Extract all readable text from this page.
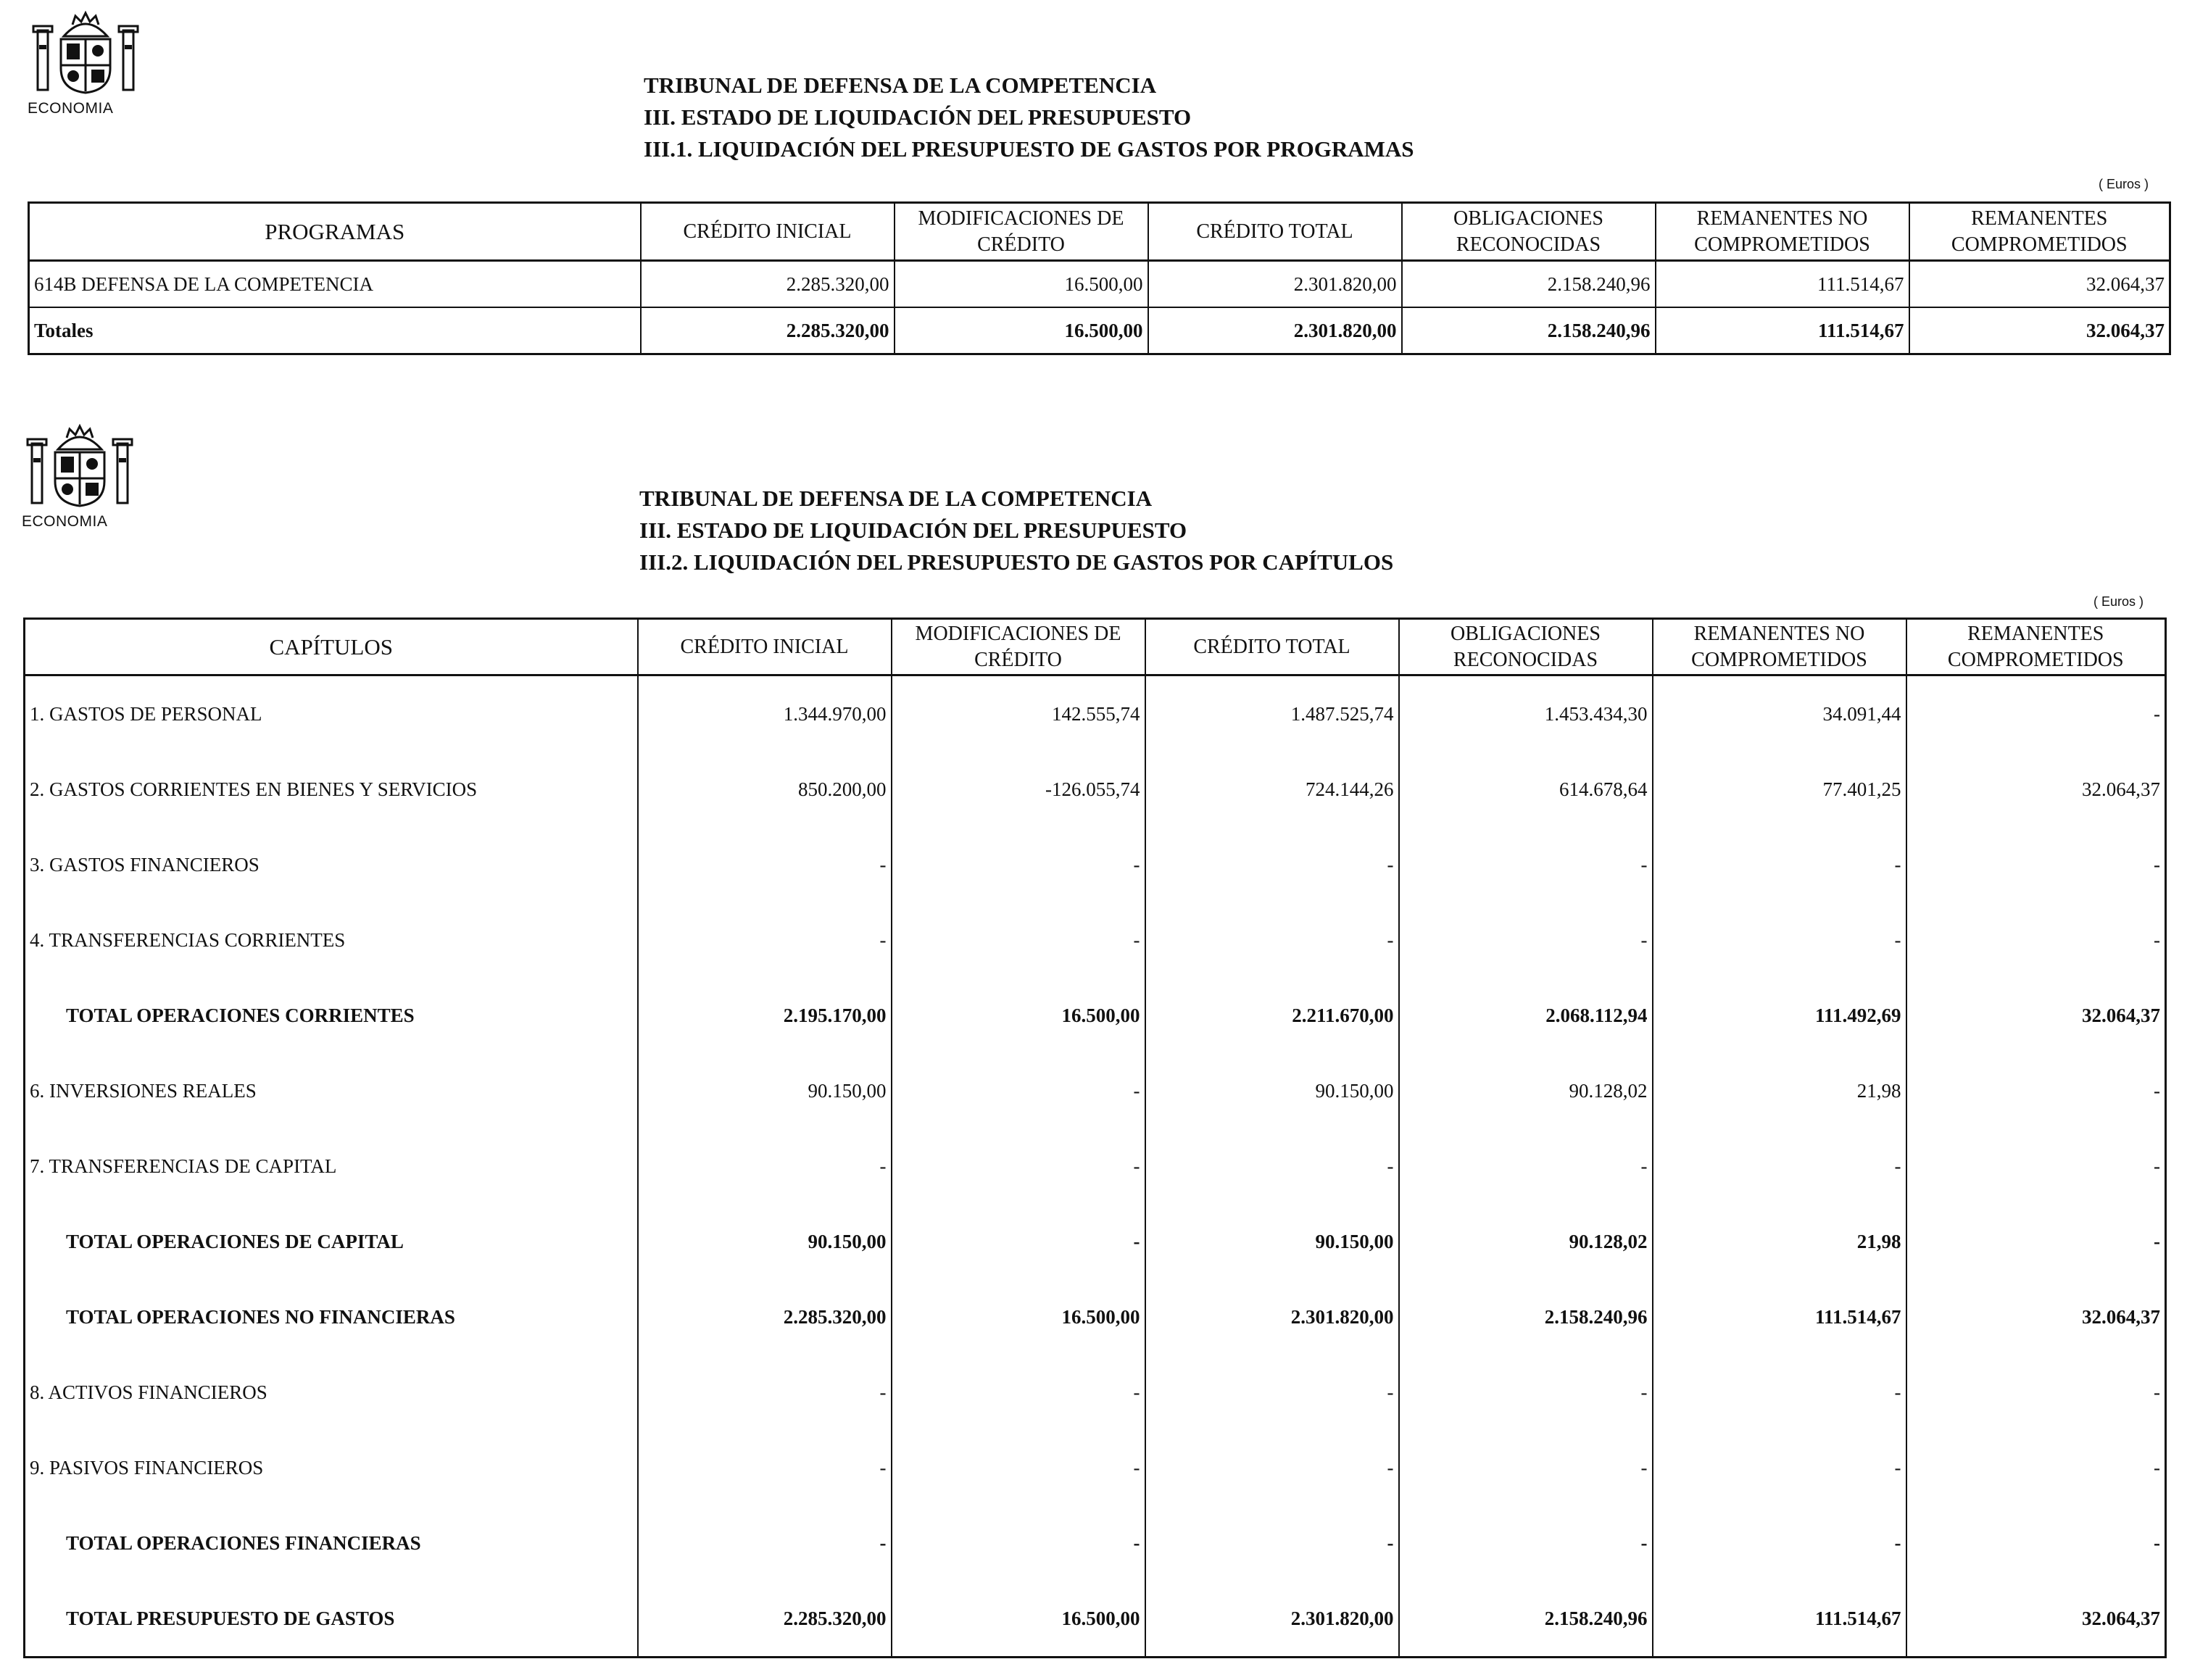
ECONOMIA
TRIBUNAL DE DEFENSA DE LA COMPETENCIA
III. ESTADO DE LIQUIDACIÓN DEL PRESUPUESTO
III.1. LIQUIDACIÓN DEL PRESUPUESTO DE GASTOS POR PROGRAMAS
( Euros )
PROGRAMAS	CRÉDITO INICIAL	MODIFICACIONES DE CRÉDITO	CRÉDITO TOTAL	OBLIGACIONES RECONOCIDAS	REMANENTES NO COMPROMETIDOS	REMANENTES COMPROMETIDOS
614B DEFENSA DE LA COMPETENCIA	2.285.320,00	16.500,00	2.301.820,00	2.158.240,96	111.514,67	32.064,37
Totales	2.285.320,00	16.500,00	2.301.820,00	2.158.240,96	111.514,67	32.064,37
ECONOMIA
TRIBUNAL DE DEFENSA DE LA COMPETENCIA
III. ESTADO DE LIQUIDACIÓN DEL PRESUPUESTO
III.2. LIQUIDACIÓN DEL PRESUPUESTO DE GASTOS POR CAPÍTULOS
( Euros )
CAPÍTULOS	CRÉDITO INICIAL	MODIFICACIONES DE CRÉDITO	CRÉDITO TOTAL	OBLIGACIONES RECONOCIDAS	REMANENTES NO COMPROMETIDOS	REMANENTES COMPROMETIDOS
1. GASTOS DE PERSONAL	1.344.970,00	142.555,74	1.487.525,74	1.453.434,30	34.091,44	-
2. GASTOS CORRIENTES EN BIENES Y SERVICIOS	850.200,00	-126.055,74	724.144,26	614.678,64	77.401,25	32.064,37
3. GASTOS FINANCIEROS	-	-	-	-	-	-
4. TRANSFERENCIAS CORRIENTES	-	-	-	-	-	-
TOTAL OPERACIONES CORRIENTES	2.195.170,00	16.500,00	2.211.670,00	2.068.112,94	111.492,69	32.064,37
6. INVERSIONES REALES	90.150,00	-	90.150,00	90.128,02	21,98	-
7. TRANSFERENCIAS DE CAPITAL	-	-	-	-	-	-
TOTAL OPERACIONES DE CAPITAL	90.150,00	-	90.150,00	90.128,02	21,98	-
TOTAL OPERACIONES NO FINANCIERAS	2.285.320,00	16.500,00	2.301.820,00	2.158.240,96	111.514,67	32.064,37
8. ACTIVOS FINANCIEROS	-	-	-	-	-	-
9. PASIVOS FINANCIEROS	-	-	-	-	-	-
TOTAL OPERACIONES FINANCIERAS	-	-	-	-	-	-
TOTAL PRESUPUESTO DE GASTOS	2.285.320,00	16.500,00	2.301.820,00	2.158.240,96	111.514,67	32.064,37
